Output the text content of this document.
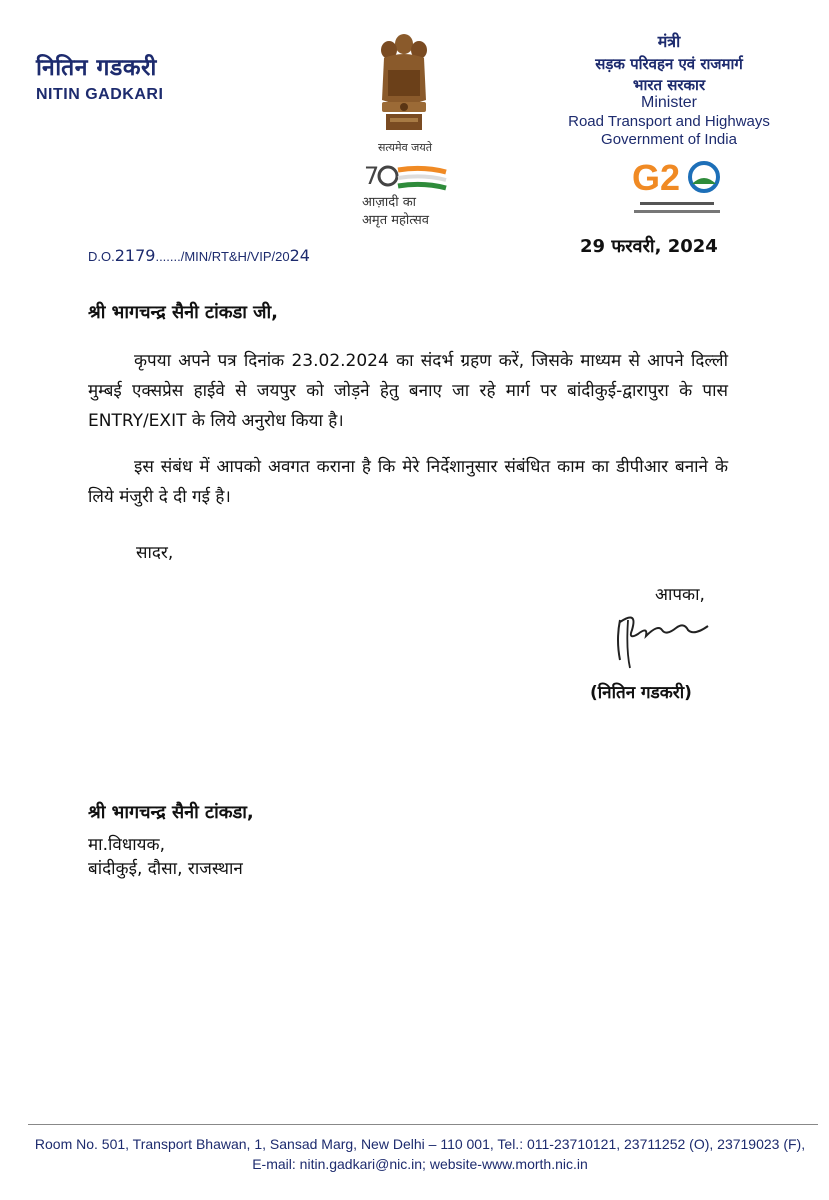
नितिन गडकरी
NITIN GADKARI
सत्यमेव जयते
7
आज़ादी का
अमृत महोत्सव
मंत्री
सड़क परिवहन एवं राजमार्ग
भारत सरकार
Minister
Road Transport and Highways
Government of India
G2
D.O.2179......./MIN/RT&H/VIP/2024	29 फरवरी, 2024
श्री भागचन्द्र सैनी टांकडा जी,
कृपया अपने पत्र दिनांक 23.02.2024 का संदर्भ ग्रहण करें, जिसके माध्यम से आपने दिल्ली मुम्बई एक्सप्रेस हाईवे से जयपुर को जोड़ने हेतु बनाए जा रहे मार्ग पर बांदीकुई-द्वारापुरा के पास ENTRY/EXIT के लिये अनुरोध किया है।
इस संबंध में आपको अवगत कराना है कि मेरे निर्देशानुसार संबंधित काम का डीपीआर बनाने के लिये मंजुरी दे दी गई है।
सादर,
आपका,
(नितिन गडकरी)
श्री भागचन्द्र सैनी टांकडा,
मा.विधायक,
बांदीकुई, दौसा, राजस्थान
Room No. 501, Transport Bhawan, 1, Sansad Marg, New Delhi – 110 001, Tel.: 011-23710121, 23711252 (O), 23719023 (F),
E-mail: nitin.gadkari@nic.in; website-www.morth.nic.in
